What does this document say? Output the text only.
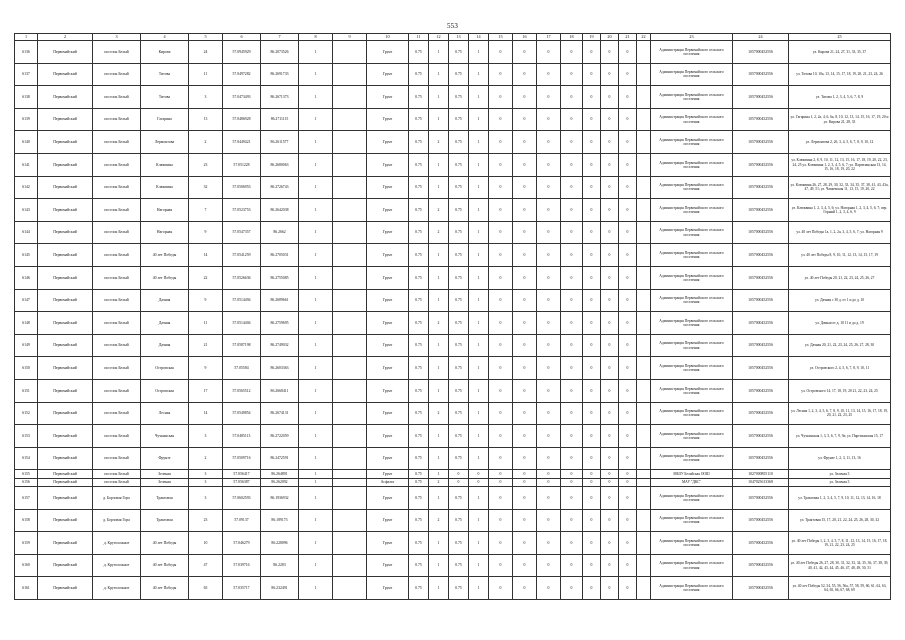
553
1	2	3	4	5	6	7	8	9	10	11	12	13	14	15	16	17	18	19	20	21	22	23	24	25
6136	Первомайский	поселок Белый	Кирова	24	57.0945929	86.2073526	1		Грунт	0.75	1	0.75	1	0	0	0	0	0	0	0		Администрация Первомайского сельского поселения	1057000452556	ул. Кирова 21, 24, 27, 31, 33, 35, 37
6137	Первомайский	поселок Белый	Титова	11	57.0497282	86.2691733	1		Грунт	0.75	1	0.75	1	0	0	0	0	0	0	0		Администрация Первомайского сельского поселения	1057000452556	ул. Титова 10, 10а, 13, 14, 15, 17, 18, 19, 20, 21, 23, 24, 26
6138	Первомайский	поселок Белый	Титова	3	57.0473493	86.2671373	1		Грунт	0.75	1	0.75	1	0	0	0	0	0	0	0		Администрация Первомайского сельского поселения	1057000452556	ул. Титова 1, 2, 3, 4, 5, 6, 7, 8, 9
6139	Первомайский	поселок Белый	Гагарина	13	57.0486928	86.2711115	1		Грунт	0.75	1	0.75	1	0	0	0	0	0	0	0		Администрация Первомайского сельского поселения	1057000452556	ул. Гагарина 1, 2, 2а, 4, 6, 6а, 8, 10, 12, 13, 14, 15, 16, 17, 19, 20 и ул. Кирова 21, 28, 33
6140	Первомайский	поселок Белый	Лермонтова	2	57.0449421	86.2611577	1		Грунт	0.75	2	0.75	1	0	0	0	0	0	0	0		Администрация Первомайского сельского поселения	1057000452556	ул. Лермонтова 2, 2б, 3, 4, 5, 6, 7, 8, 9, 10, 12
6141	Первомайский	поселок Белый	Клюквина	23	57.051228	86.2680063	1		Грунт	0.75	1	0.75	1	0	0	0	0	0	0	0		Администрация Первомайского сельского поселения	1057000452556	ул. Клюквина 2, 8, 9, 10, 11, 12, 13, 15, 16, 17, 18, 19, 20, 22, 23, 24, 25 ул. Клюквина 1, 2, 3, 4, 5, 6, 7; ул. Партизанская 13, 14, 15, 16, 18, 19, 20, 22
6142	Первомайский	поселок Белый	Клюквина	32	57.0506953	86.2726743	1		Грунт	0.75	1	0.75	1	0	0	0	0	0	0	0		Администрация Первомайского сельского поселения	1057000452556	ул. Клюквина 26, 27, 28, 29, 30, 32, 33, 34, 35, 37, 38, 41, 43, 43а, 47, 49, 51; ул. Чапаевская 11, 13, 15, 19, 20, 22
6143	Первомайский	поселок Белый	Нагорная	7	57.0523753	86.2642038	1		Грунт	0.75	2	0.75	1	0	0	0	0	0	0	0		Администрация Первомайского сельского поселения	1057000452556	ул. Клюквина 1, 2, 3, 4, 5, 6; ул. Нагорная 1, 2, 3, 4, 5, 6, 7; пер. Горный 1, 2, 3, 4, 6, 9
6144	Первомайский	поселок Белый	Нагорная	9	57.0547357	86.2662	1		Грунт	0.75	2	0.75	1	0	0	0	0	0	0	0		Администрация Первомайского сельского поселения	1057000452556	ул. 40 лет Победы 1а, 1, 2, 2а, 3, 4, 5, 6, 7; ул. Нагорная 9
6145	Первомайский	поселок Белый	40 лет Победы	14	57.0541259	86.2705031	1		Грунт	0.75	1	0.75	1	0	0	0	0	0	0	0		Администрация Первомайского сельского поселения	1057000452556	ул. 40 лет Победы 8, 9, 10, 11, 12, 13, 14, 15, 17, 19
6146	Первомайский	поселок Белый	40 лет Победы	22	57.0526636	86.2755085	1		Грунт	0.75	1	0.75	1	0	0	0	0	0	0	0		Администрация Первомайского сельского поселения	1057000452556	ул. 40 лет Победы 20, 21, 22, 23, 24, 25, 26, 27
6147	Первомайский	поселок Белый	Дачная	9	57.0514494	86.2689661	1		Грунт	0.75	1	0.75	1	0	0	0	0	0	0	0		Администрация Первомайского сельского поселения	1057000452556	ул. Дачная с 30 д. от 1 и до д. 10
6148	Первомайский	поселок Белый	Дачная	11	57.0514404	86.2759695	1		Грунт	0.75	2	0.75	1	0	0	0	0	0	0	0		Администрация Первомайского сельского поселения	1057000452556	ул. Дачная от д. 10 11 и до д. 19
6149	Первомайский	поселок Белый	Дачная	21	57.0587198	86.2749032	1		Грунт	0.75	1	0.75	1	0	0	0	0	0	0	0		Администрация Первомайского сельского поселения	1057000452556	ул. Дачная 20, 21, 22, 23, 24, 25, 26, 27, 28, 30
6150	Первомайский	поселок Белый	Островская	9	57.05584	86.2603363	1		Грунт	0.75	1	0.75	1	0	0	0	0	0	0	0		Администрация Первомайского сельского поселения	1057000452556	ул. Островского 2, 4, 5, 6, 7, 8, 9, 10, 11
6151	Первомайский	поселок Белый	Островская	17	57.0565512	86.2668411	1		Грунт	0.75	1	0.75	1	0	0	0	0	0	0	0		Администрация Первомайского сельского поселения	1057000452556	ул. Островского 14, 17, 18, 19, 20 21, 22, 23, 24, 25
6152	Первомайский	поселок Белый	Лесная	14	57.0549854	86.2674131	1		Грунт	0.75	2	0.75	1	0	0	0	0	0	0	0		Администрация Первомайского сельского поселения	1057000452556	ул. Лесная 1, 2, 3, 4, 5, 6, 7, 8, 9, 10, 11, 13, 14, 15, 16, 17, 18, 19, 20, 21, 22, 23, 25
6153	Первомайский	поселок Белый	Чучкинская	3	57.0485113	86.2722059	1		Грунт	0.75	1	0.75	1	0	0	0	0	0	0	0		Администрация Первомайского сельского поселения	1057000452556	ул. Чучкинская 1, 3, 5, 6, 7, 9, 9а; ул. Партизанская 15, 17
6154	Первомайский	поселок Белый	Фрунзе	2	57.0509716	86.2472591	1		Грунт	0.75	1	0.75	1	0	0	0	0	0	0	0		Администрация Первомайского сельского поселения	1057000452556	ул. Фрунзе 1, 2, 3, 11, 13, 16
6155	Первомайский	поселок Белый	Зеленая	3	57.056417	86.264891	1		Грунт	0.75	1	0	0	0	0	0	0	0	0	0		МБОУ Белайская ООШ	1027000855110	ул. Зеленая 3
6156	Первомайский	поселок Белый	Зеленая	3	57.056387	86.262092	1		Асфальт	0.75	2	0	0	0	0	0	0	0	0	0		МАУ "ДКС"	1047025613368	ул. Зеленая 3
6157	Первомайский	д. Борзовая Гора	Трактовая	3	57.0602593	86.1936932	1		Грунт	0.75	1	0.75	1	0	0	0	0	0	0	0		Администрация Первомайского сельского поселения	1057000452556	ул. Трактовая 1, 2, 3, 4, 5, 7, 9, 10, 11, 12, 13, 14, 16, 18
6158	Первомайский	д. Борзовая Гора	Трактовая	23	57.09137	86.189173	1		Грунт	0.75	2	0.75	1	0	0	0	0	0	0	0		Администрация Первомайского сельского поселения	1057000452556	ул. Трактовая 15, 17, 20, 21, 22, 24, 25, 26, 28, 30, 32
6159	Первомайский	д. Крутоложное	40 лет Победы	10	57.046279	86.228096	1		Грунт	0.75	1	0.75	1	0	0	0	0	0	0	0		Администрация Первомайского сельского поселения	1057000452556	ул. 40 лет Победы 1, 2, 3, 4, 5, 7, 8, 11, 12, 13, 14, 15, 16, 17, 18, 19, 21, 22, 23, 24, 25
6160	Первомайский	д. Крутоложное	40 лет Победы	47	57.039716	86.2283	1		Грунт	0.75	1	0.75	1	0	0	0	0	0	0	0		Администрация Первомайского сельского поселения	1057000452556	ул. 40 лет Победы 26, 27, 28, 30, 31, 32, 33, 34, 35, 36, 37, 38, 39, 40, 41, 42, 43, 44, 45, 46, 47, 48, 49, 50, 51
6161	Первомайский	д. Крутоложное	40 лет Победы	65	57.035717	86.232491	1		Грунт	0.75	1	0.75	1	0	0	0	0	0	0	0		Администрация Первомайского сельского поселения	1057000452556	ул. 40 лет Победы 52, 54, 55, 56, 56а, 57, 58, 59, 60, 61, 62, 63, 64, 65, 66, 67, 68, 69
